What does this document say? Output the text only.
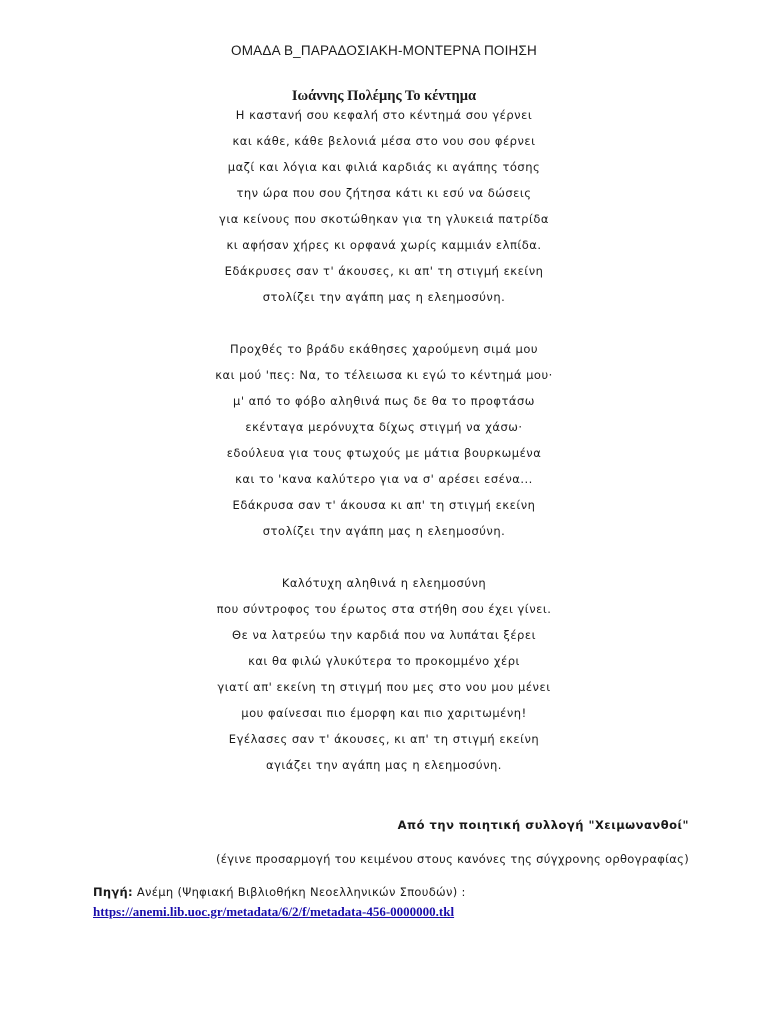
ΟΜΑΔΑ Β_ΠΑΡΑΔΟΣΙΑΚΗ-ΜΟΝΤΕΡΝΑ ΠΟΙΗΣΗ
Ιωάννης Πολέμης Το κέντημα
Η καστανή σου κεφαλή στο κέντημά σου γέρνει
και κάθε, κάθε βελονιά μέσα στο νου σου φέρνει
μαζί και λόγια και φιλιά καρδιάς κι αγάπης τόσης
την ώρα που σου ζήτησα κάτι κι εσύ να δώσεις
για κείνους που σκοτώθηκαν για τη γλυκειά πατρίδα
κι αφήσαν χήρες κι ορφανά χωρίς καμμιάν ελπίδα.
Εδάκρυσες σαν τ' άκουσες, κι απ' τη στιγμή εκείνη
στολίζει την αγάπη μας η ελεημοσύνη.
Προχθές το βράδυ εκάθησες χαρούμενη σιμά μου
και μού 'πες: Να, το τέλειωσα κι εγώ το κέντημά μου·
μ' από το φόβο αληθινά πως δε θα το προφτάσω
εκένταγα μερόνυχτα δίχως στιγμή να χάσω·
εδούλευα για τους φτωχούς με μάτια βουρκωμένα
και το 'κανα καλύτερο για να σ' αρέσει εσένα...
Εδάκρυσα σαν τ' άκουσα κι απ' τη στιγμή εκείνη
στολίζει την αγάπη μας η ελεημοσύνη.
Καλότυχη αληθινά η ελεημοσύνη
που σύντροφος του έρωτος στα στήθη σου έχει γίνει.
Θε να λατρεύω την καρδιά που να λυπάται ξέρει
και θα φιλώ γλυκύτερα το προκομμένο χέρι
γιατί απ' εκείνη τη στιγμή που μες στο νου μου μένει
μου φαίνεσαι πιο έμορφη και πιο χαριτωμένη!
Εγέλασες σαν τ' άκουσες, κι απ' τη στιγμή εκείνη
αγιάζει την αγάπη μας η ελεημοσύνη.
Από την ποιητική συλλογή "Χειμωνανθοί"
(έγινε προσαρμογή του κειμένου στους κανόνες της σύγχρονης ορθογραφίας)
Πηγή: Ανέμη (Ψηφιακή Βιβλιοθήκη Νεοελληνικών Σπουδών) :
https://anemi.lib.uoc.gr/metadata/6/2/f/metadata-456-0000000.tkl
